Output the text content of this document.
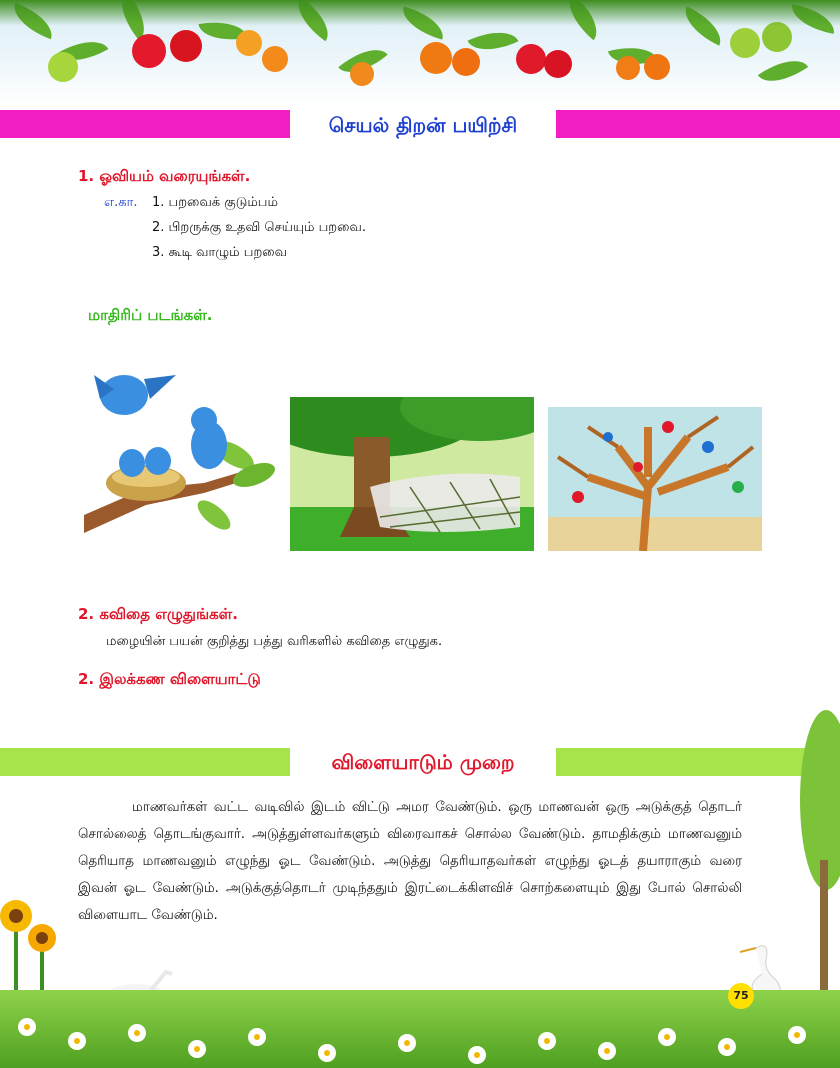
செயல் திறன் பயிற்சி
1. ஓவியம் வரையுங்கள்.
எ.கா. 1. பறவைக் குடும்பம்
2. பிறருக்கு உதவி செய்யும் பறவை.
3. கூடி வாழும் பறவை
மாதிரிப் படங்கள்.
2. கவிதை எழுதுங்கள்.
மழையின் பயன் குறித்து பத்து வரிகளில் கவிதை எழுதுக.
2. இலக்கண விளையாட்டு
விளையாடும் முறை
மாணவர்கள் வட்ட வடிவில் இடம் விட்டு அமர வேண்டும். ஒரு மாணவன் ஒரு அடுக்குத் தொடர் சொல்லைத் தொடங்குவார். அடுத்துள்ளவர்களும் விரைவாகச் சொல்ல வேண்டும். தாமதிக்கும் மாணவனும் தெரியாத மாணவனும் எழுந்து ஓட வேண்டும். அடுத்து தெரியாதவர்கள் எழுந்து ஓடத் தயாராகும் வரை இவன் ஓட வேண்டும். அடுக்குத்தொடர் முடிந்ததும் இரட்டைக்கிளவிச் சொற்களையும் இது போல் சொல்லி விளையாட வேண்டும்.
75
